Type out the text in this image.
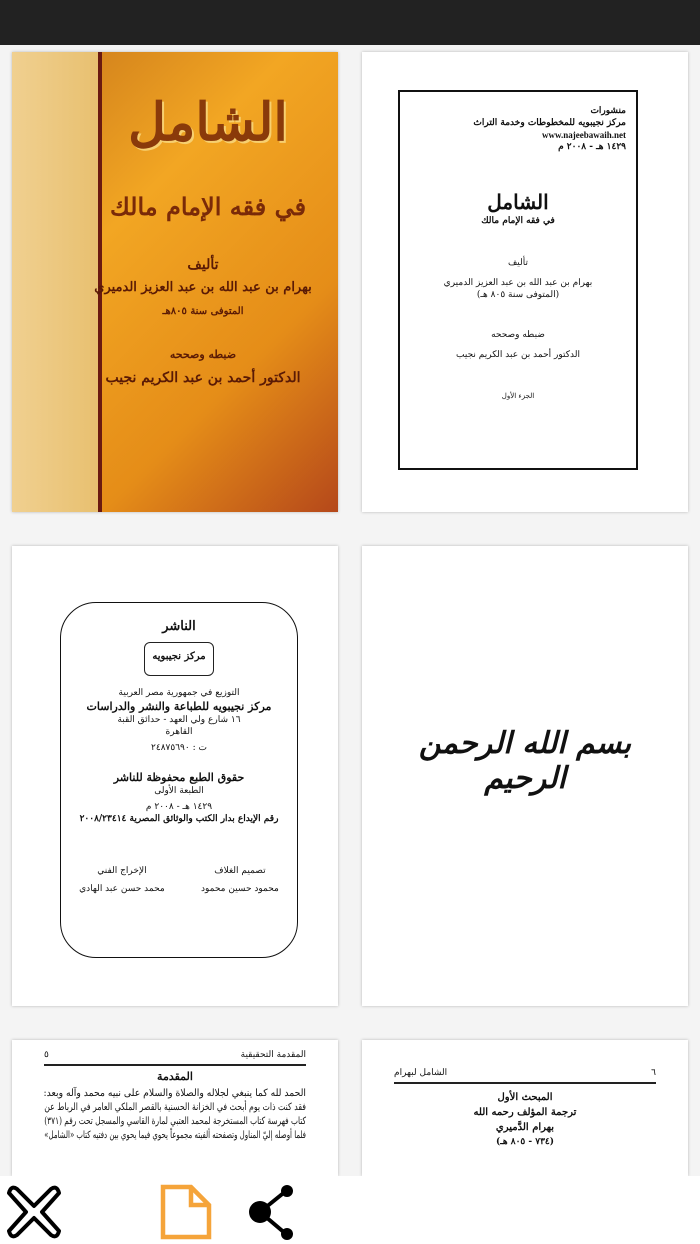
الشامل
في فقه الإمام مالك
تأليف
بهرام بن عبد الله بن عبد العزيز الدميري
المتوفى سنة ٨٠٥هـ
ضبطه وصححه
الدكتور أحمد بن عبد الكريم نجيب
منشورات
مركز نجيبويه للمخطوطات وخدمة التراث
www.najeebawaih.net
١٤٢٩ هـ - ٢٠٠٨ م
الشامل
في فقه الإمام مالك
تأليف
بهرام بن عبد الله بن عبد العزيز الدميري
(المتوفى سنة ٨٠٥ هـ)
ضبطه وصححه
الدكتور أحمد بن عبد الكريم نجيب
الجزء الأول
الناشر
مركز نجيبويه
التوزيع في جمهورية مصر العربية
مركز نجيبويه للطباعة والنشر والدراسات
١٦ شارع ولي العهد - حدائق القبة
القاهرة
ت : ٢٤٨٧٥٦٩٠
حقوق الطبع محفوظة للناشر
الطبعة الأولى
١٤٢٩ هـ - ٢٠٠٨ م
رقم الإيداع بدار الكتب والوثائق المصرية ٢٠٠٨/٢٣٤١٤
تصميم الغلاف
محمود حسين محمود
الإخراج الفني
محمد حسن عبد الهادي
بسم الله الرحمن الرحيم
المقدمة التحقيقية
٥
المقدمة
الحمد لله كما ينبغي لجلاله والصلاة والسلام على نبيه محمد وآله وبعد:
فقد كنت ذات يوم أبحث في الخزانة الحسنية بالقصر الملكي العامر في الرباط عن
كتاب فهرسة كتاب المستخرجة لمحمد العتبي لمارة القاسي والمسجل تحت رقم (٣٧١)
فلما أوصله إليّ المناول وتصفحته ألفيته مجموعاً يحوي فيما يحوي بين دفتيه كتاب «الشامل»
٦
الشامل لبهرام
المبحث الأول
ترجمة المؤلف رحمه الله
بهرام الدَّميري
(٧٣٤ - ٨٠٥ هـ)
